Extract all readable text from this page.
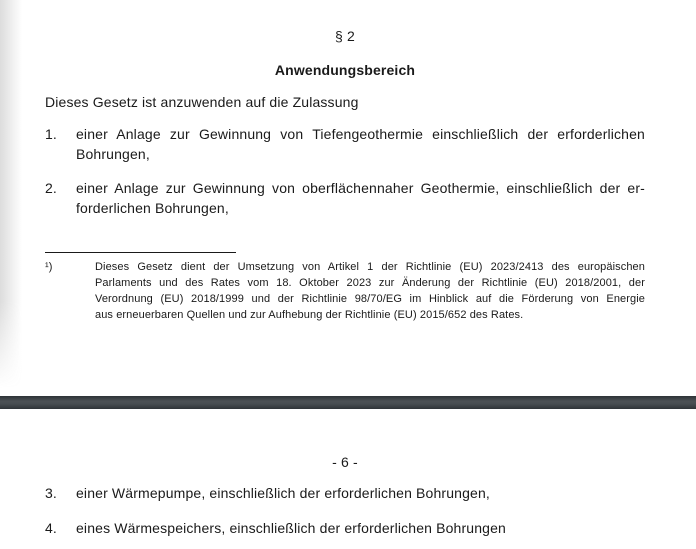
§ 2
Anwendungsbereich
Dieses Gesetz ist anzuwenden auf die Zulassung
1.	einer Anlage zur Gewinnung von Tiefengeothermie einschließlich der erforderlichen
Bohrungen,
2.	einer Anlage zur Gewinnung von oberflächennaher Geothermie, einschließlich der er-
forderlichen Bohrungen,
¹)	Dieses Gesetz dient der Umsetzung von Artikel 1 der Richtlinie (EU) 2023/2413 des europäischen
Parlaments und des Rates vom 18. Oktober 2023 zur Änderung der Richtlinie (EU) 2018/2001, der
Verordnung (EU) 2018/1999 und der Richtlinie 98/70/EG im Hinblick auf die Förderung von Energie
aus erneuerbaren Quellen und zur Aufhebung der Richtlinie (EU) 2015/652 des Rates.
- 6 -
3.	einer Wärmepumpe, einschließlich der erforderlichen Bohrungen,
4.	eines Wärmespeichers, einschließlich der erforderlichen Bohrungen
